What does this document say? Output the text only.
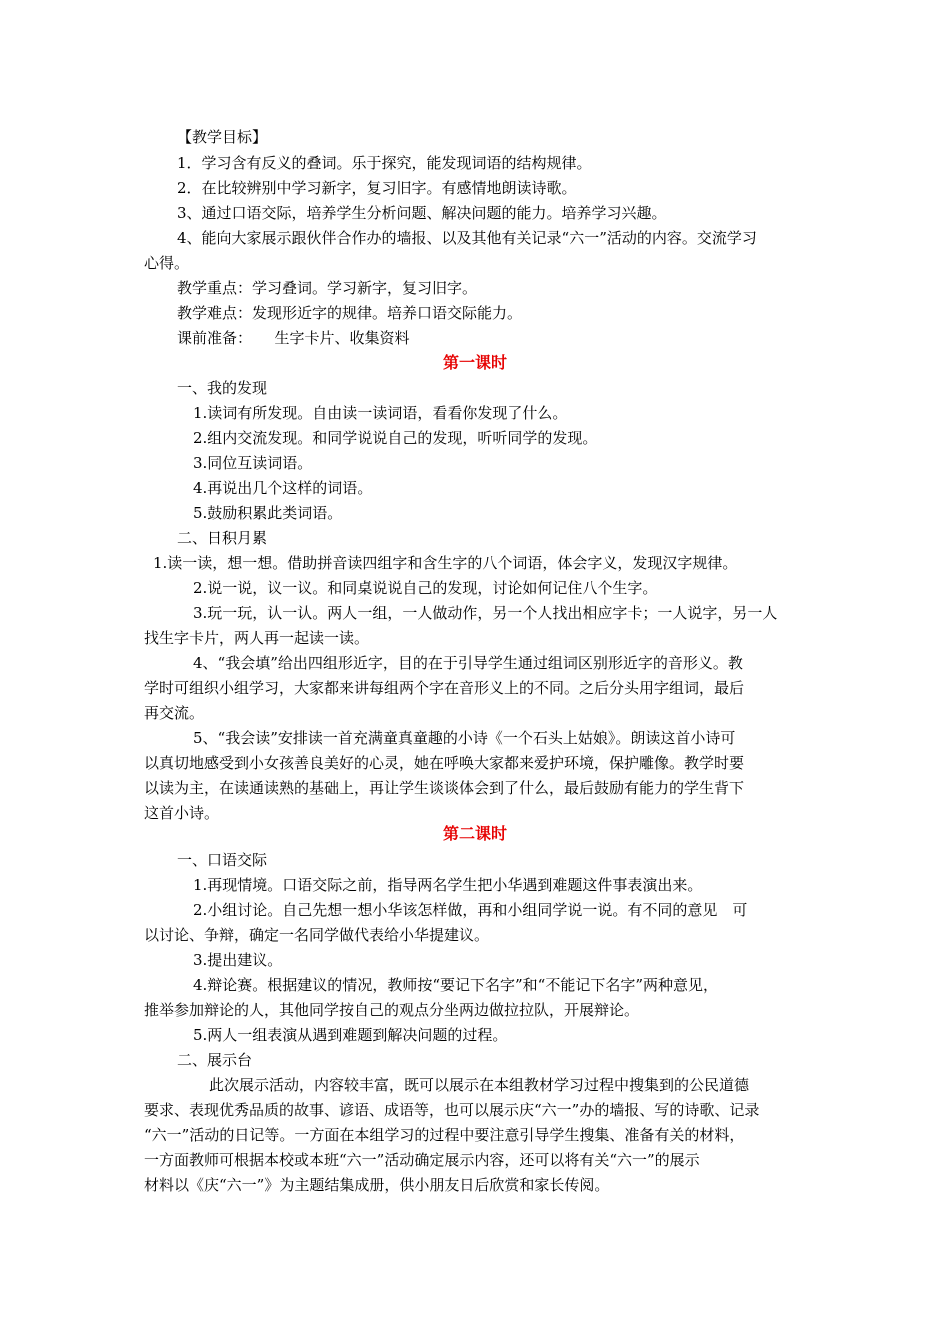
【教学目标】
1．学习含有反义的叠词。乐于探究，能发现词语的结构规律。
2．在比较辨别中学习新字，复习旧字。有感情地朗读诗歌。
3、通过口语交际，培养学生分析问题、解决问题的能力。培养学习兴趣。
4、能向大家展示跟伙伴合作办的墙报、以及其他有关记录“六一”活动的内容。交流学习
心得。
教学重点：学习叠词。学习新字，复习旧字。
教学难点：发现形近字的规律。培养口语交际能力。
课前准备：　　生字卡片、收集资料
第一课时
一、我的发现
1.读词有所发现。自由读一读词语，看看你发现了什么。
2.组内交流发现。和同学说说自己的发现，听听同学的发现。
3.同位互读词语。
4.再说出几个这样的词语。
5.鼓励积累此类词语。
二、日积月累
1.读一读，想一想。借助拼音读四组字和含生字的八个词语，体会字义，发现汉字规律。
2.说一说，议一议。和同桌说说自己的发现，讨论如何记住八个生字。
3.玩一玩，认一认。两人一组，一人做动作，另一个人找出相应字卡；一人说字，另一人
找生字卡片，两人再一起读一读。
4、“我会填”给出四组形近字，目的在于引导学生通过组词区别形近字的音形义。教
学时可组织小组学习，大家都来讲每组两个字在音形义上的不同。之后分头用字组词，最后
再交流。
5、“我会读”安排读一首充满童真童趣的小诗《一个石头上姑娘》。朗读这首小诗可
以真切地感受到小女孩善良美好的心灵，她在呼唤大家都来爱护环境，保护雕像。教学时要
以读为主，在读通读熟的基础上，再让学生谈谈体会到了什么，最后鼓励有能力的学生背下
这首小诗。
第二课时
一、口语交际
1.再现情境。口语交际之前，指导两名学生把小华遇到难题这件事表演出来。
2.小组讨论。自己先想一想小华该怎样做，再和小组同学说一说。有不同的意见　可
以讨论、争辩，确定一名同学做代表给小华提建议。
3.提出建议。
4.辩论赛。根据建议的情况，教师按“要记下名字”和“不能记下名字”两种意见，
推举参加辩论的人，其他同学按自己的观点分坐两边做拉拉队，开展辩论。
5.两人一组表演从遇到难题到解决问题的过程。
二、展示台
此次展示活动，内容较丰富，既可以展示在本组教材学习过程中搜集到的公民道德
要求、表现优秀品质的故事、谚语、成语等，也可以展示庆“六一”办的墙报、写的诗歌、记录
“六一”活动的日记等。一方面在本组学习的过程中要注意引导学生搜集、准备有关的材料，
一方面教师可根据本校或本班“六一”活动确定展示内容，还可以将有关“六一”的展示
材料以《庆“六一”》为主题结集成册，供小朋友日后欣赏和家长传阅。
